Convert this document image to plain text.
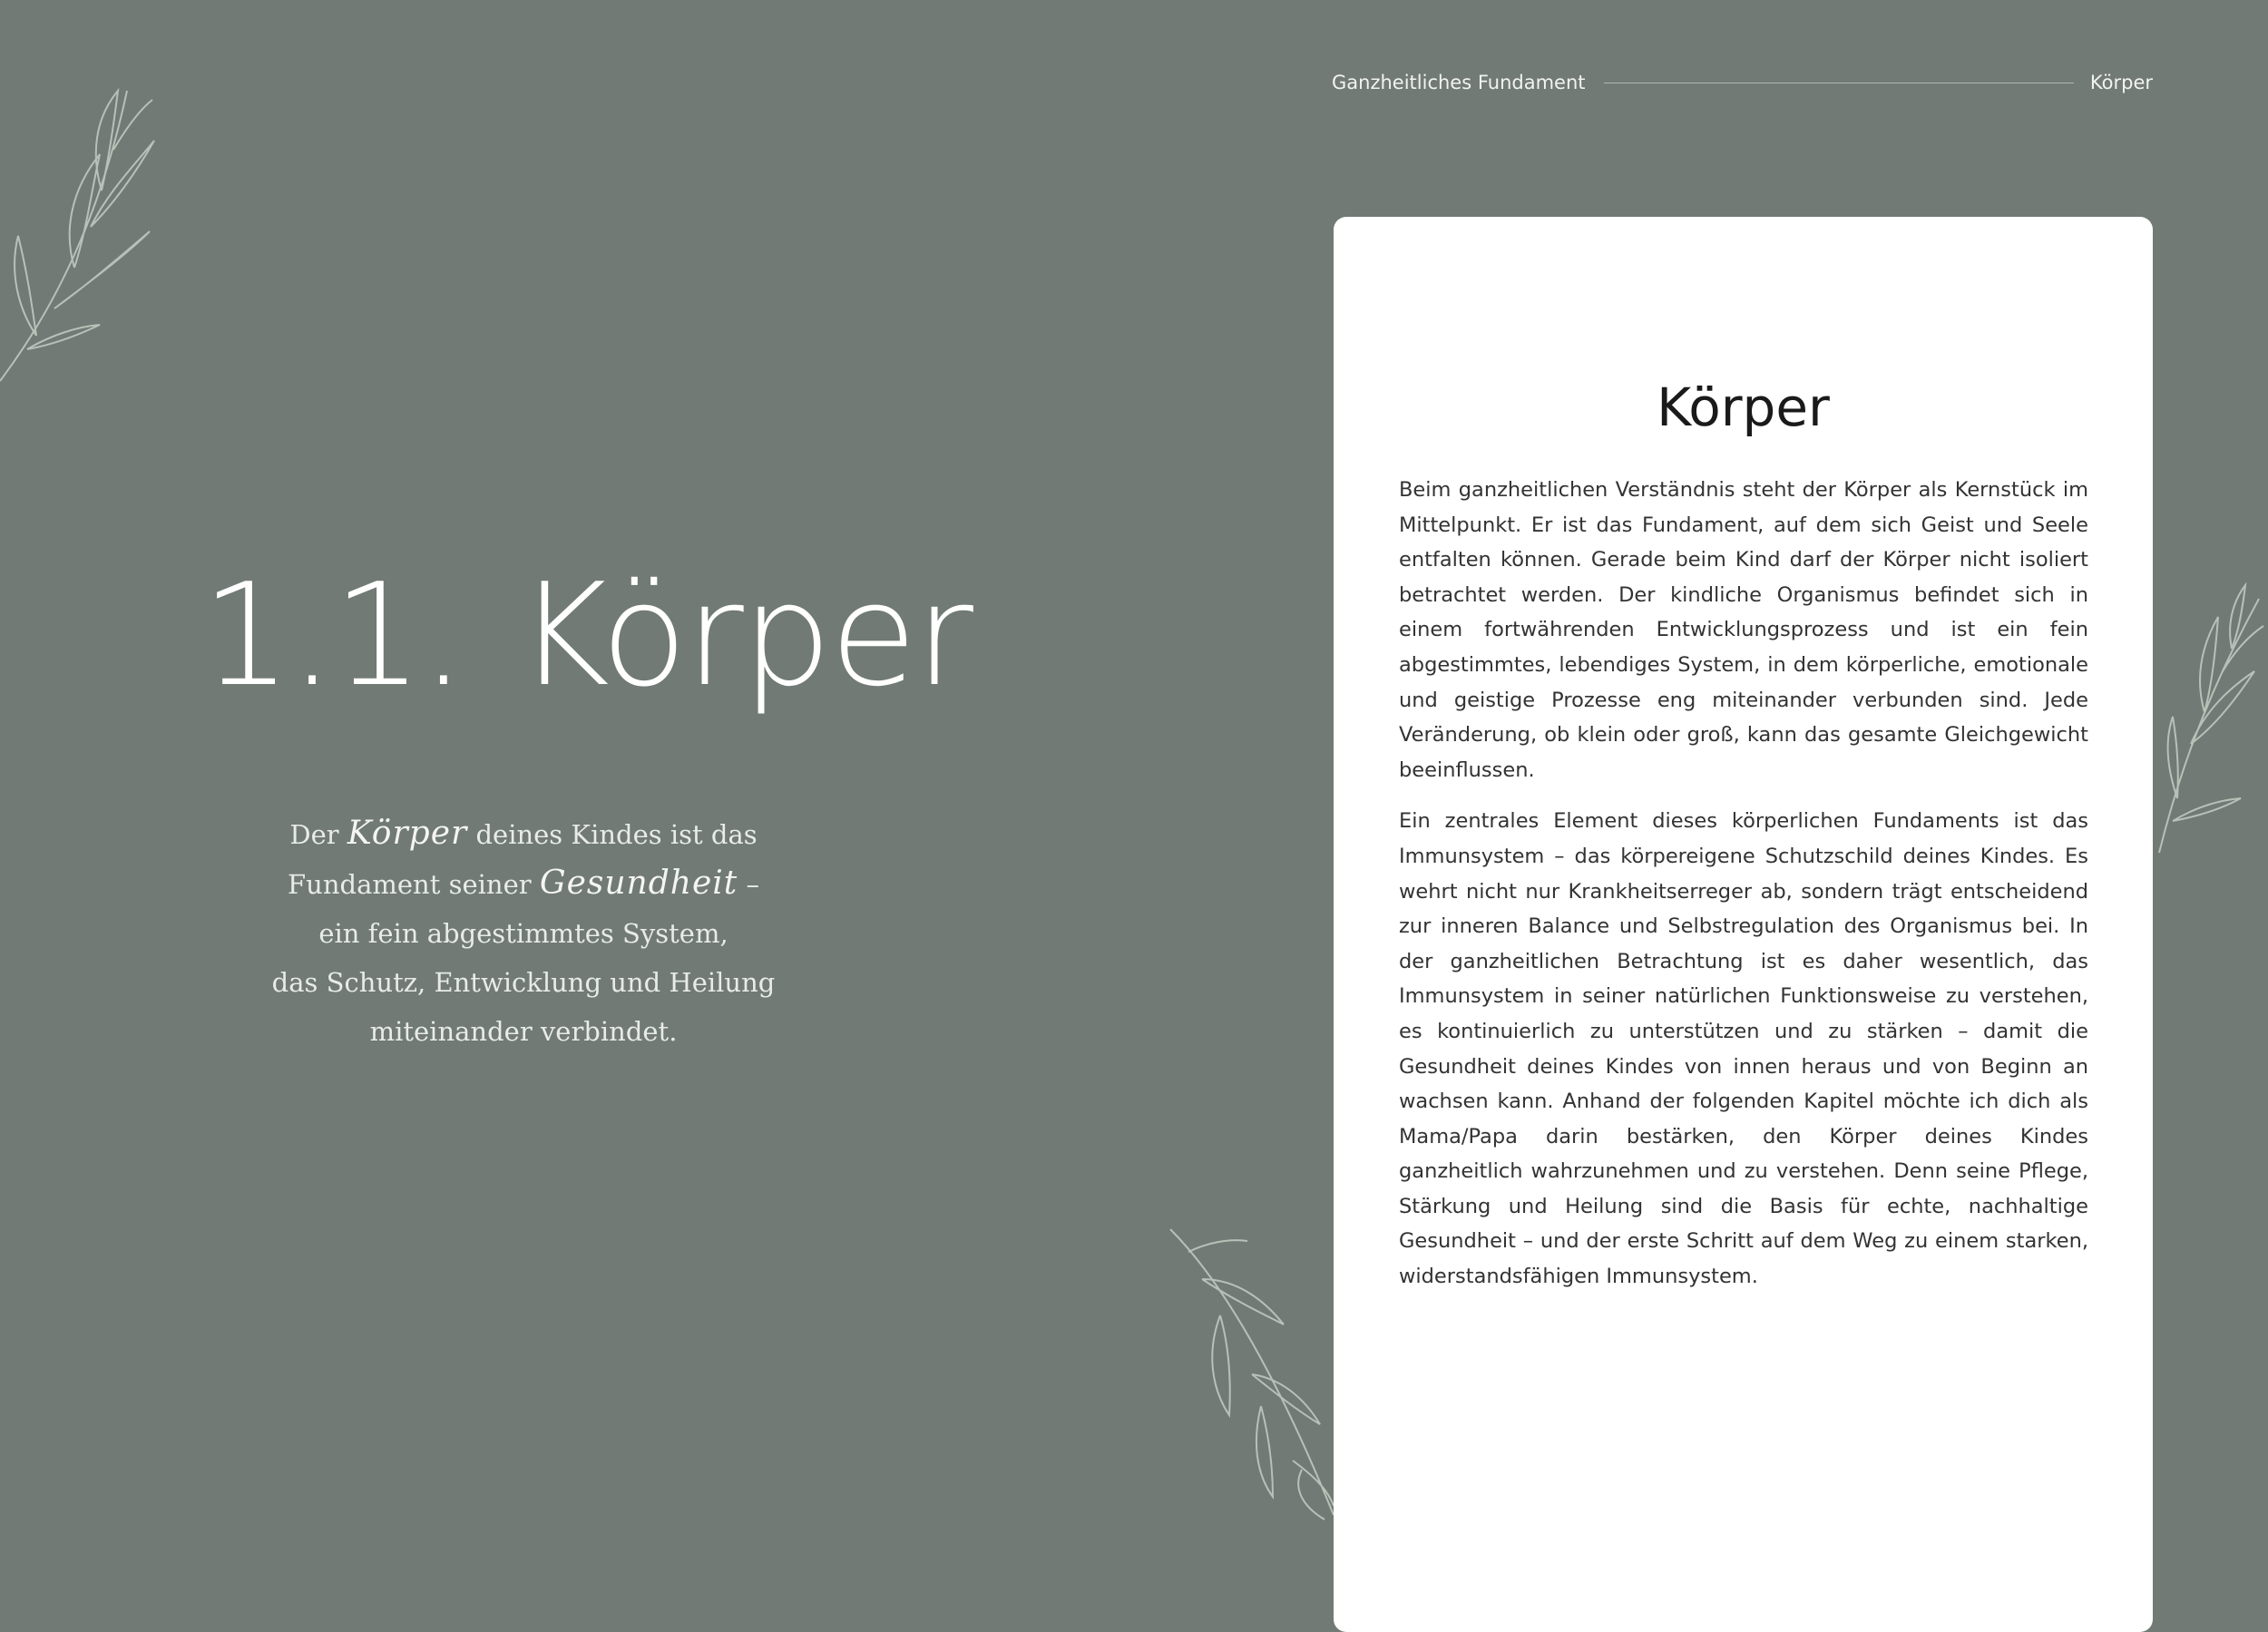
Ganzheitliches Fundament	Körper
1.1. Körper
Der Körper deines Kindes ist das
Fundament seiner Gesundheit –
ein fein abgestimmtes System,
das Schutz, Entwicklung und Heilung
miteinander verbindet.
Körper

Beim ganzheitlichen Verständnis steht der Körper als Kernstück im Mittelpunkt. Er ist das Fundament, auf dem sich Geist und Seele entfalten können. Gerade beim Kind darf der Körper nicht isoliert betrachtet werden. Der kindliche Organismus befindet sich in einem fortwährenden Entwicklungsprozess und ist ein fein abgestimmtes, lebendiges System, in dem körperliche, emotionale und geistige Prozesse eng miteinander verbunden sind. Jede Veränderung, ob klein oder groß, kann das gesamte Gleichgewicht beeinflussen.

Ein zentrales Element dieses körperlichen Fundaments ist das Immunsystem – das körpereigene Schutzschild deines Kindes. Es wehrt nicht nur Krankheitserreger ab, sondern trägt entscheidend zur inneren Balance und Selbstregulation des Organismus bei. In der ganzheitlichen Betrachtung ist es daher wesentlich, das Immunsystem in seiner natürlichen Funktionsweise zu verstehen, es kontinuierlich zu unterstützen und zu stärken – damit die Gesundheit deines Kindes von innen heraus und von Beginn an wachsen kann. Anhand der folgenden Kapitel möchte ich dich als Mama/Papa darin bestärken, den Körper deines Kindes ganzheitlich wahrzunehmen und zu verstehen. Denn seine Pflege, Stärkung und Heilung sind die Basis für echte, nachhaltige Gesundheit – und der erste Schritt auf dem Weg zu einem starken, widerstandsfähigen Immunsystem.
